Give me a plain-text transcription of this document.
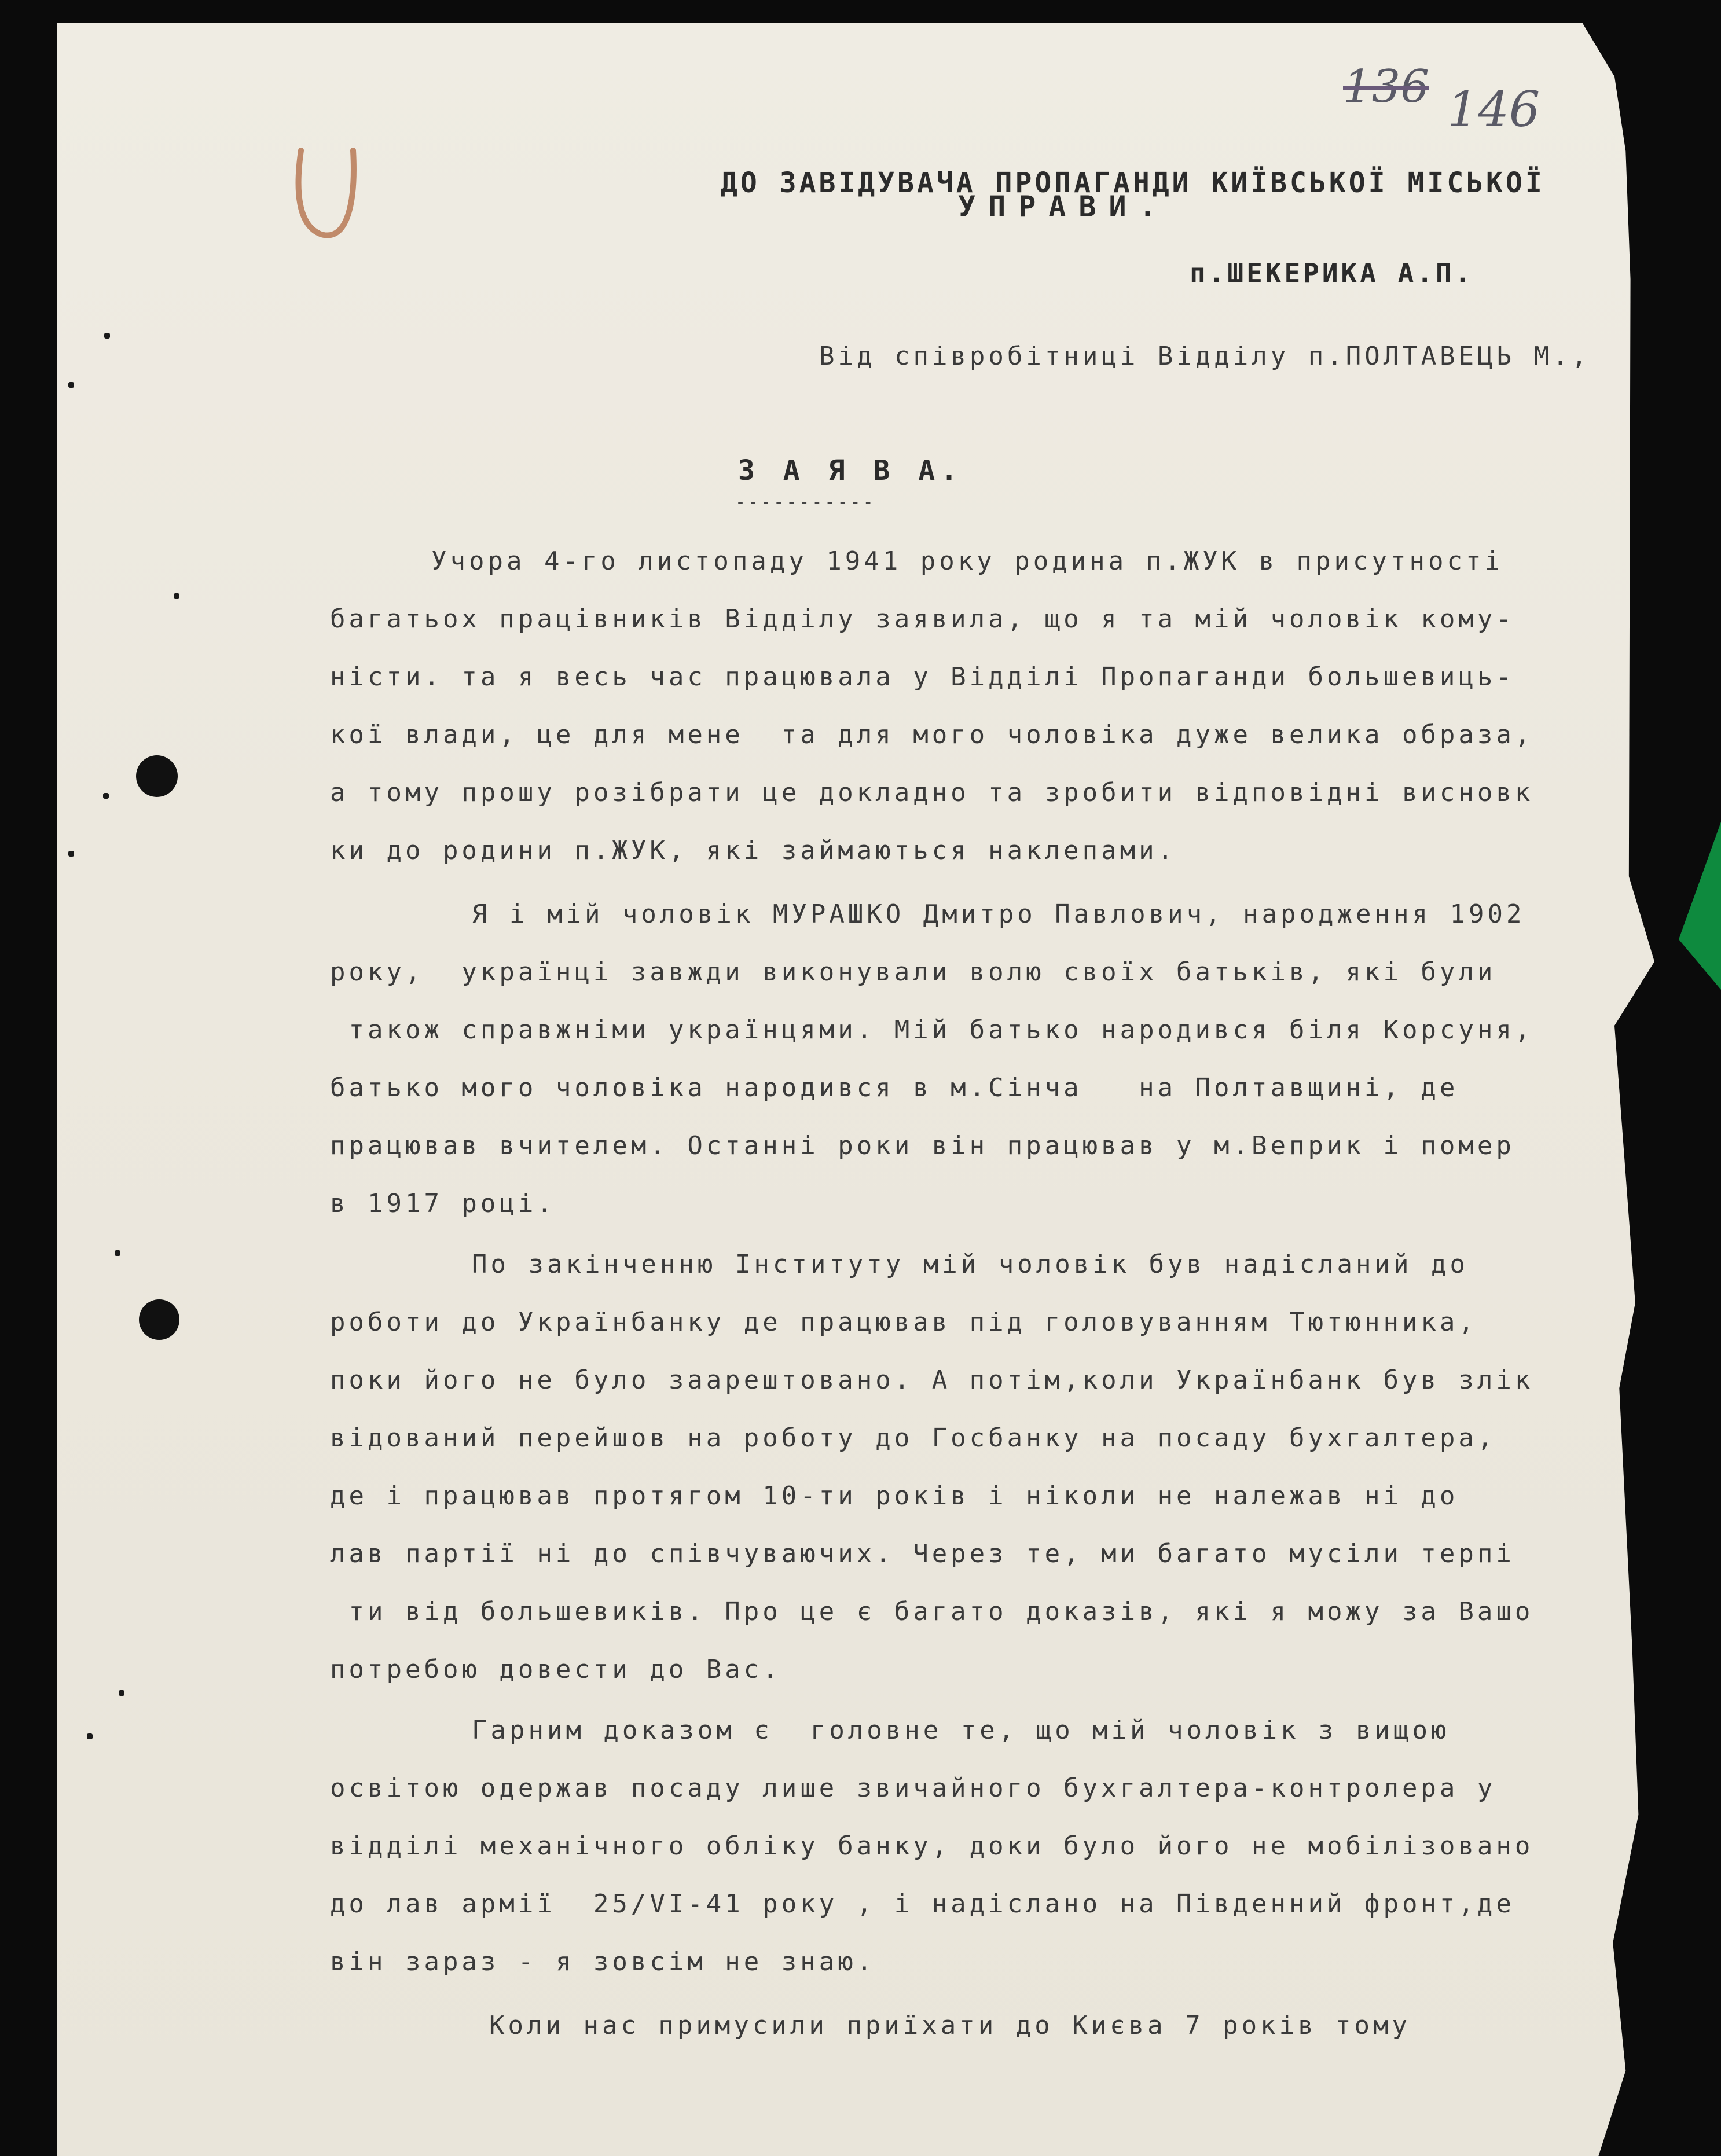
136 146
ДО ЗАВІДУВАЧА ПРОПАГАНДИ КИЇВСЬКОЇ МІСЬКОЇ
УПРАВИ.
п.ШЕКЕРИКА А.П.
Від співробітниці Відділу п.ПОЛТАВЕЦЬ М.,
З А Я В А.
-----------
Учора 4-го листопаду 1941 року родина п.ЖУК в присутності
багатьох працівників Відділу заявила, що я та мій чоловік кому-
ністи. та я весь час працювала у Відділі Пропаганди большевиць-
кої влади, це для мене  та для мого чоловіка дуже велика образа,
а тому прошу розібрати це докладно та зробити відповідні висновк
ки до родини п.ЖУК, які займаються наклепами.
Я і мій чоловік МУРАШКО Дмитро Павлович, народження 1902
року,  українці завжди виконували волю своїх батьків, які були
також справжніми українцями. Мій батько народився біля Корсуня,
батько мого чоловіка народився в м.Сінча   на Полтавщині, де
працював вчителем. Останні роки він працював у м.Веприк і помер
в 1917 році.
По закінченню Інституту мій чоловік був надісланий до
роботи до Українбанку де працював під головуванням Тютюнника,
поки його не було заарештовано. А потім,коли Українбанк був злік
відований перейшов на роботу до Госбанку на посаду бухгалтера,
де і працював протягом 10-ти років і ніколи не належав ні до
лав партії ні до співчуваючих. Через те, ми багато мусіли терпі
ти від большевиків. Про це є багато доказів, які я можу за Вашо
потребою довести до Вас.
Гарним доказом є  головне те, що мій чоловік з вищою
освітою одержав посаду лише звичайного бухгалтера-контролера у
відділі механічного обліку банку, доки було його не мобілізовано
до лав армії  25/VI-41 року , і надіслано на Південний фронт,де
він зараз - я зовсім не знаю.
Коли нас примусили приїхати до Києва 7 років тому
